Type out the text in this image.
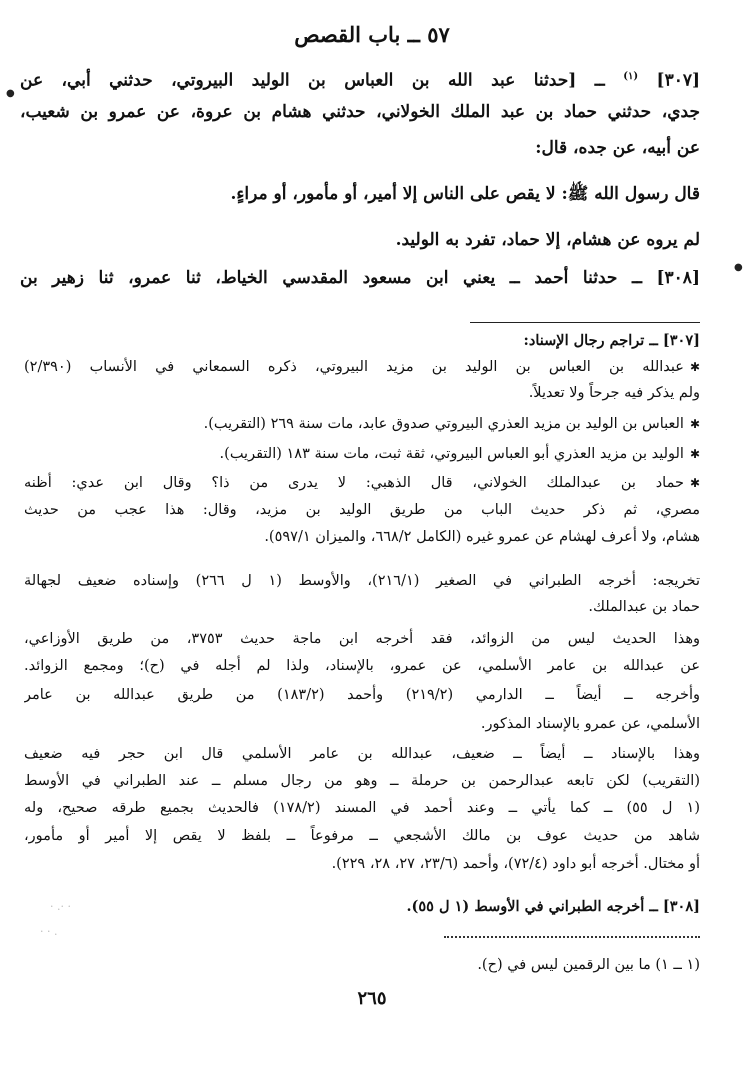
٥٧ ــ باب القصص
[٣٠٧] $^{(١)}$ ــ [حدثنا عبد الله بن العباس بن الوليد البيروتي، حدثني أبي، عن
جدي، حدثني حماد بن عبد الملك الخولاني، حدثني هشام بن عروة، عن عمرو بن شعيب،
عن أبيه، عن جده، قال:
قال رسول الله ﷺ: لا يقص على الناس إلا أمير، أو مأمور، أو مراءٍ.
لم يروه عن هشام، إلا حماد، تفرد به الوليد.
[٣٠٨] ــ حدثنا أحمد ــ يعني ابن مسعود المقدسي الخياط، ثنا عمرو، ثنا زهير بن
[٣٠٧] ــ تراجم رجال الإسناد:
✱عبدالله بن العباس بن الوليد بن مزيد البيروتي، ذكره السمعاني في الأنساب (٢/٣٩٠)
ولم يذكر فيه جرحاً ولا تعديلاً.
✱العباس بن الوليد بن مزيد العذري البيروتي صدوق عابد، مات سنة ٢٦٩ (التقريب).
✱الوليد بن مزيد العذري أبو العباس البيروتي، ثقة ثبت، مات سنة ١٨٣ (التقريب).
✱حماد بن عبدالملك الخولاني، قال الذهبي: لا يدرى من ذا؟ وقال ابن عدي: أظنه
مصري، ثم ذكر حديث الباب من طريق الوليد بن مزيد، وقال: هذا عجب من حديث
هشام، ولا أعرف لهشام عن عمرو غيره (الكامل ٦٦٨/٢، والميزان ٥٩٧/١).
تخريجه: أخرجه الطبراني في الصغير (٢١٦/١)، والأوسط (١ ل ٢٦٦) وإسناده ضعيف لجهالة
حماد بن عبدالملك.
وهذا الحديث ليس من الزوائد، فقد أخرجه ابن ماجة حديث ٣٧٥٣، من طريق الأوزاعي،
عن عبدالله بن عامر الأسلمي، عن عمرو، بالإسناد، ولذا لم أجله في (ح)؛ ومجمع الزوائد.
وأخرجه ــ أيضاً ــ الدارمي (٢١٩/٢) وأحمد (١٨٣/٢) من طريق عبدالله بن عامر
الأسلمي، عن عمرو بالإسناد المذكور.
وهذا بالإسناد ــ أيضاً ــ ضعيف، عبدالله بن عامر الأسلمي قال ابن حجر فيه ضعيف
(التقريب) لكن تابعه عبدالرحمن بن حرملة ــ وهو من رجال مسلم ــ عند الطبراني في الأوسط
(١ ل ٥٥) ــ كما يأتي ــ وعند أحمد في المسند (١٧٨/٢) فالحديث بجميع طرقه صحيح، وله
شاهد من حديث عوف بن مالك الأشجعي ــ مرفوعاً ــ بلفظ لا يقص إلا أمير أو مأمور،
أو مختال. أخرجه أبو داود (٧٢/٤)، وأحمد (٢٣/٦، ٢٧، ٢٨، ٢٢٩).
[٣٠٨] ــ أخرجه الطبراني في الأوسط (١ ل ٥٥).
(١ ــ ١) ما بين الرقمين ليس في (ح).
٢٦٥
●
●
· ·. ·
. · ·
